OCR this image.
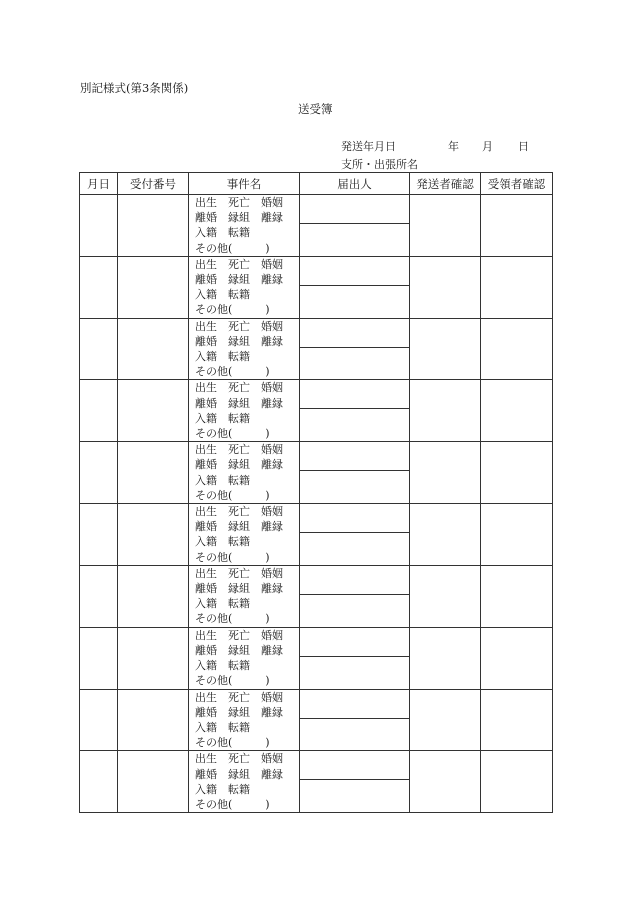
別記様式(第3条関係)
送受簿
発送年月日	年 月 日
支所・出張所名
月日	受付番号	事件名	届出人	発送者確認	受領者確認

		出生　死亡　婚姻
離婚　縁組　離縁
入籍　転籍
その他(　　　)			

		出生　死亡　婚姻
離婚　縁組　離縁
入籍　転籍
その他(　　　)			

		出生　死亡　婚姻
離婚　縁組　離縁
入籍　転籍
その他(　　　)			

		出生　死亡　婚姻
離婚　縁組　離縁
入籍　転籍
その他(　　　)			

		出生　死亡　婚姻
離婚　縁組　離縁
入籍　転籍
その他(　　　)			

		出生　死亡　婚姻
離婚　縁組　離縁
入籍　転籍
その他(　　　)			

		出生　死亡　婚姻
離婚　縁組　離縁
入籍　転籍
その他(　　　)			

		出生　死亡　婚姻
離婚　縁組　離縁
入籍　転籍
その他(　　　)			

		出生　死亡　婚姻
離婚　縁組　離縁
入籍　転籍
その他(　　　)			

		出生　死亡　婚姻
離婚　縁組　離縁
入籍　転籍
その他(　　　)			
